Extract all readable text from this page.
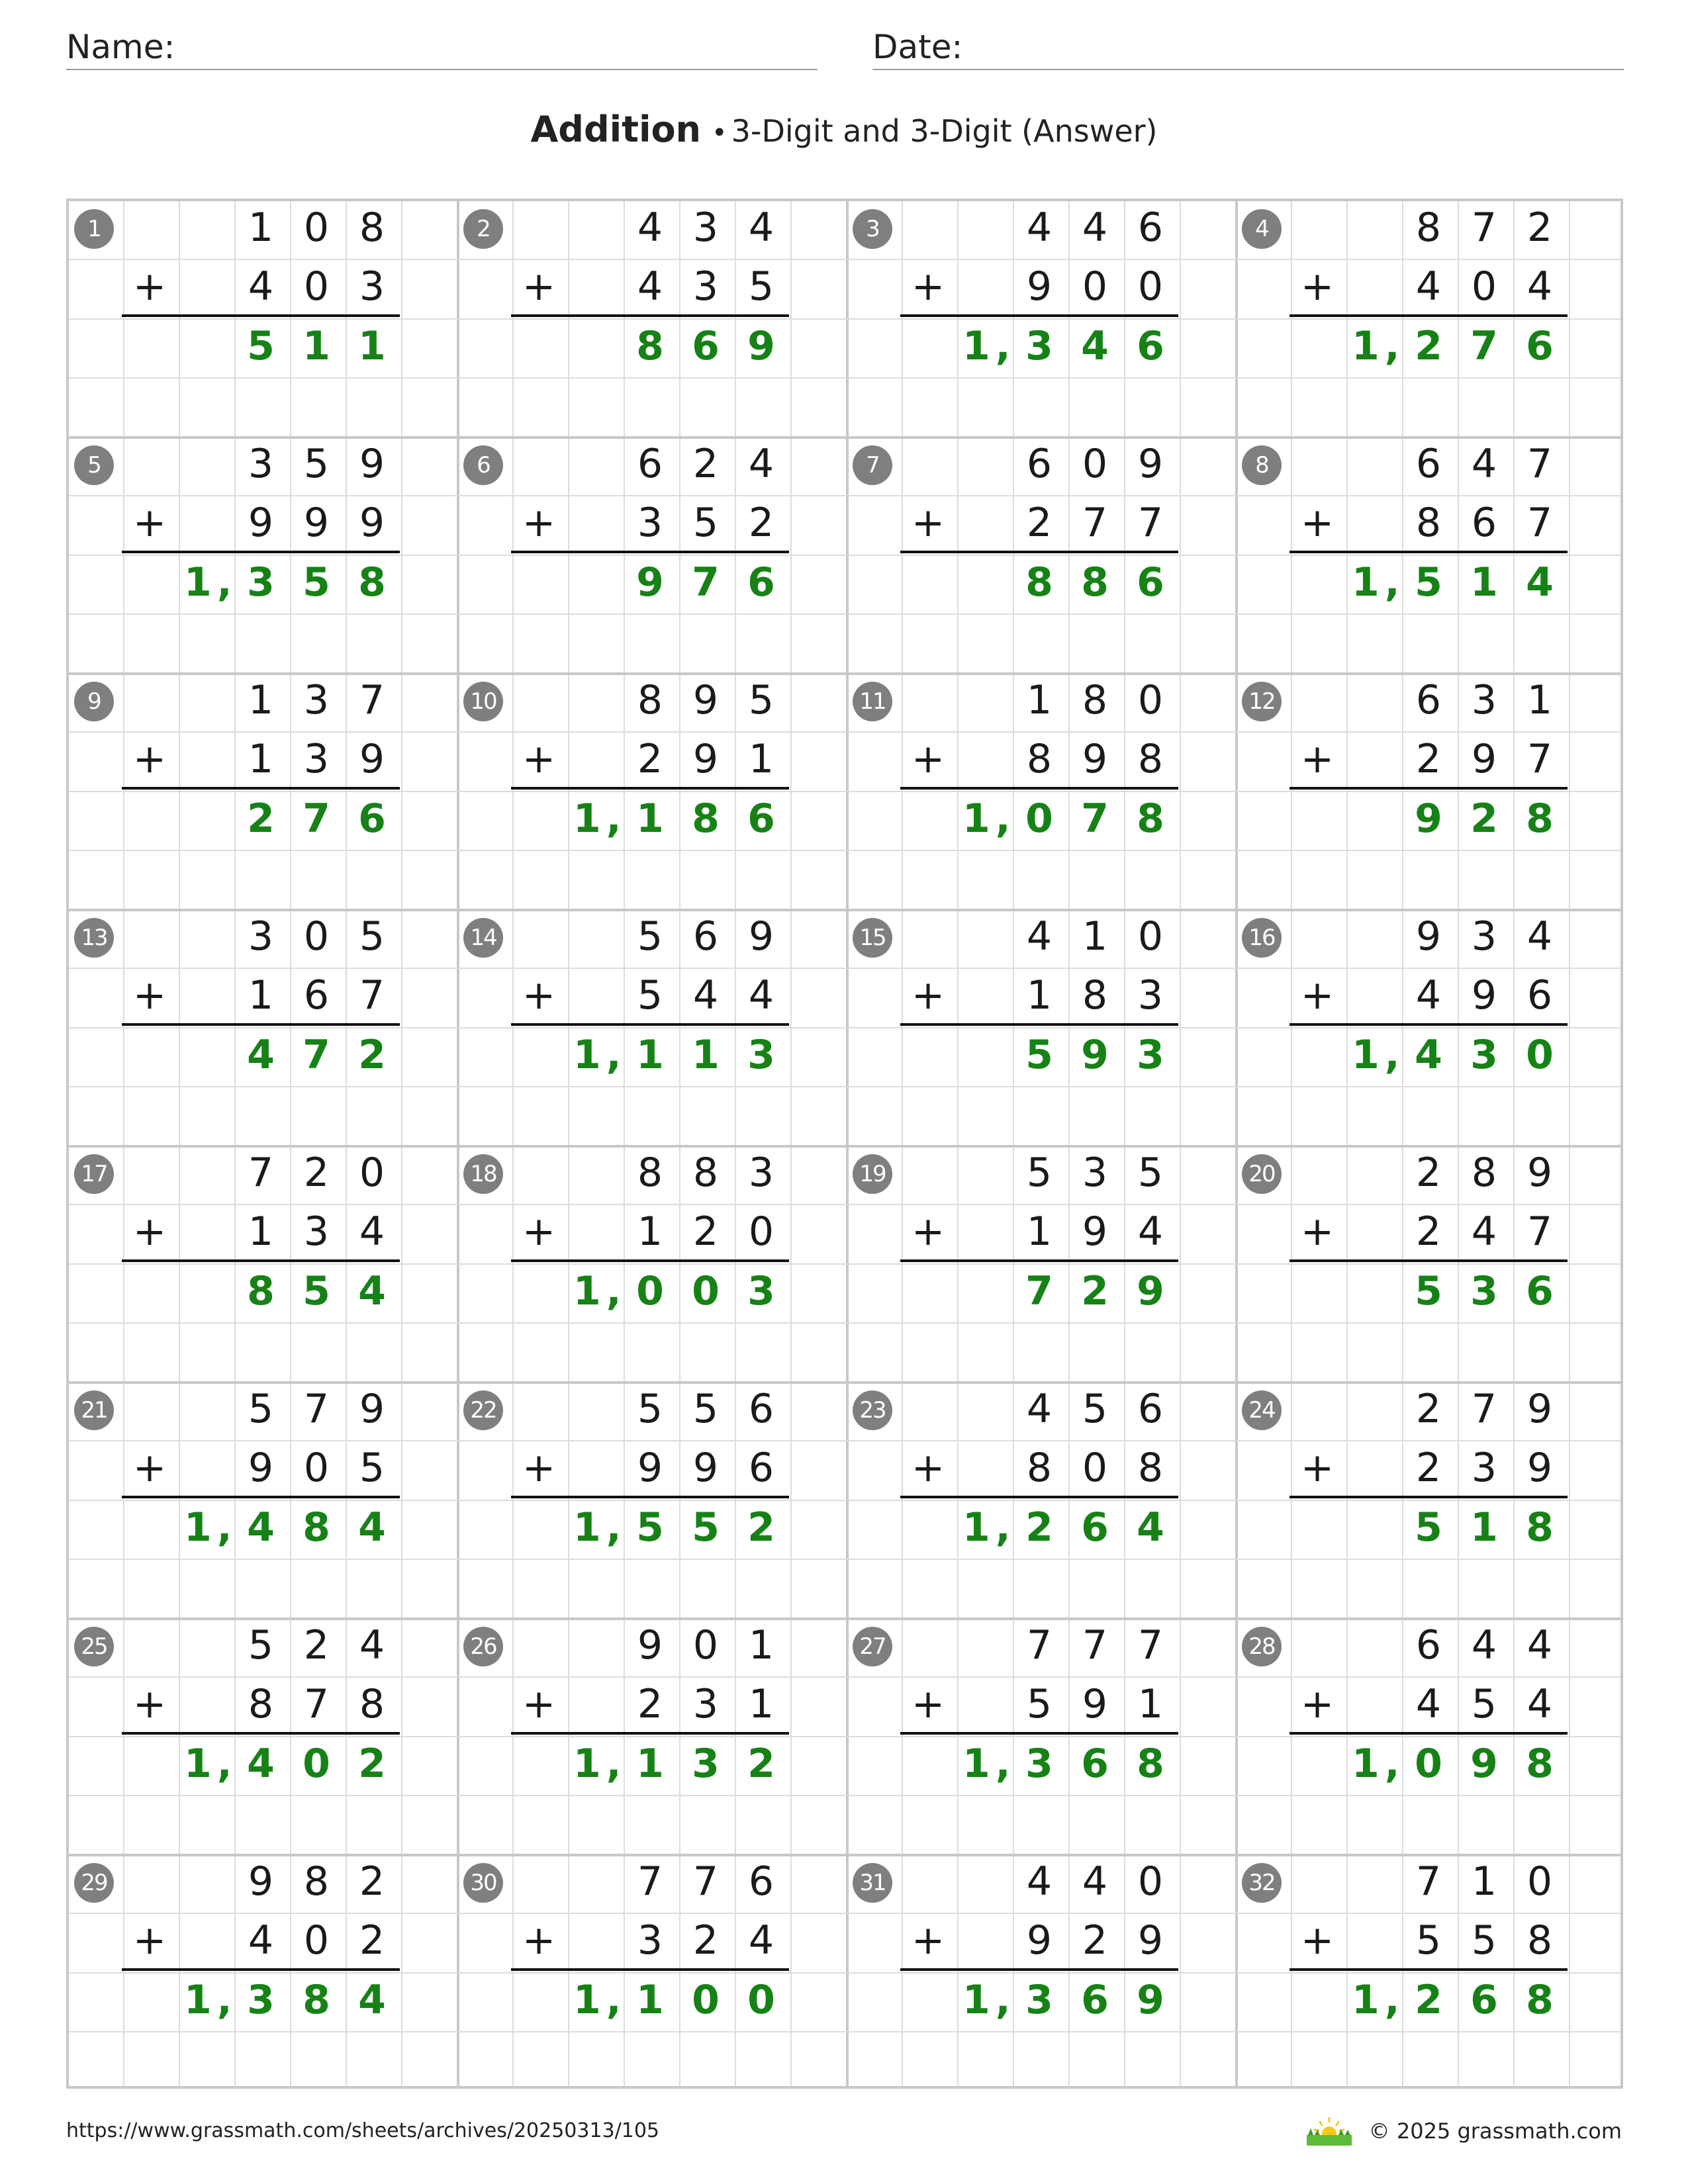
Name:	Date:
Addition • 3-Digit and 3-Digit (Answer)
1	1 0 8
4 0 3
+
5 1 1
2	4 3 4
4 3 5
+
8 6 9
3	4 4 6
9 0 0
+
1, 3 4 6
4	8 7 2
4 0 4
+
1, 2 7 6
5	3 5 9
9 9 9
+
1, 3 5 8
6	6 2 4
3 5 2
+
9 7 6
7	6 0 9
2 7 7
+
8 8 6
8	6 4 7
8 6 7
+
1, 5 1 4
9	1 3 7
1 3 9
+
2 7 6
10	8 9 5
2 9 1
+
1, 1 8 6
11	1 8 0
8 9 8
+
1, 0 7 8
12	6 3 1
2 9 7
+
9 2 8
13	3 0 5
1 6 7
+
4 7 2
14	5 6 9
5 4 4
+
1, 1 1 3
15	4 1 0
1 8 3
+
5 9 3
16	9 3 4
4 9 6
+
1, 4 3 0
17	7 2 0
1 3 4
+
8 5 4
18	8 8 3
1 2 0
+
1, 0 0 3
19	5 3 5
1 9 4
+
7 2 9
20	2 8 9
2 4 7
+
5 3 6
21	5 7 9
9 0 5
+
1, 4 8 4
22	5 5 6
9 9 6
+
1, 5 5 2
23	4 5 6
8 0 8
+
1, 2 6 4
24	2 7 9
2 3 9
+
5 1 8
25	5 2 4
8 7 8
+
1, 4 0 2
26	9 0 1
2 3 1
+
1, 1 3 2
27	7 7 7
5 9 1
+
1, 3 6 8
28	6 4 4
4 5 4
+
1, 0 9 8
29	9 8 2
4 0 2
+
1, 3 8 4
30	7 7 6
3 2 4
+
1, 1 0 0
31	4 4 0
9 2 9
+
1, 3 6 9
32	7 1 0
5 5 8
+
1, 2 6 8
https://www.grassmath.com/sheets/archives/20250313/105	© 2025 grassmath.com
